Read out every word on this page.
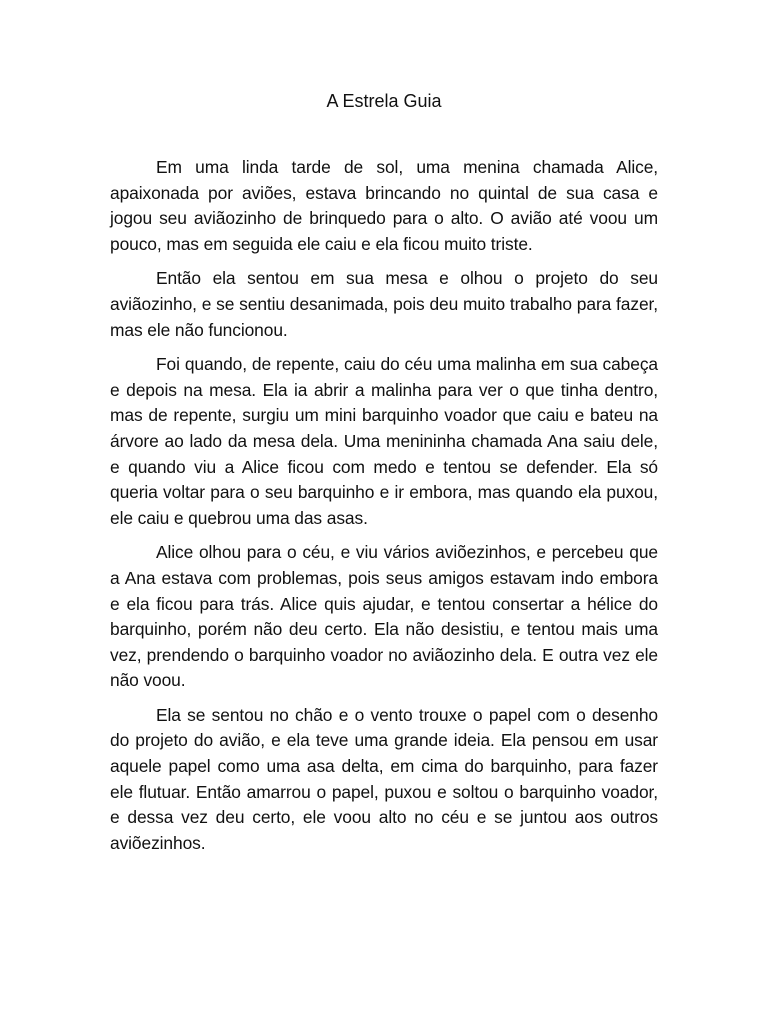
A Estrela Guia

Em uma linda tarde de sol, uma menina chamada Alice, apaixonada por aviões, estava brincando no quintal de sua casa e jogou seu aviãozinho de brinquedo para o alto. O avião até voou um pouco, mas em seguida ele caiu e ela ficou muito triste.

Então ela sentou em sua mesa e olhou o projeto do seu aviãozinho, e se sentiu desanimada, pois deu muito trabalho para fazer, mas ele não funcionou.

Foi quando, de repente, caiu do céu uma malinha em sua cabeça e depois na mesa. Ela ia abrir a malinha para ver o que tinha dentro, mas de repente, surgiu um mini barquinho voador que caiu e bateu na árvore ao lado da mesa dela. Uma menininha chamada Ana saiu dele, e quando viu a Alice ficou com medo e tentou se defender. Ela só queria voltar para o seu barquinho e ir embora, mas quando ela puxou, ele caiu e quebrou uma das asas.

Alice olhou para o céu, e viu vários aviõezinhos, e percebeu que a Ana estava com problemas, pois seus amigos estavam indo embora e ela ficou para trás. Alice quis ajudar, e tentou consertar a hélice do barquinho, porém não deu certo. Ela não desistiu, e tentou mais uma vez, prendendo o barquinho voador no aviãozinho dela. E outra vez ele não voou.

Ela se sentou no chão e o vento trouxe o papel com o desenho do projeto do avião, e ela teve uma grande ideia. Ela pensou em usar aquele papel como uma asa delta, em cima do barquinho, para fazer ele flutuar. Então amarrou o papel, puxou e soltou o barquinho voador, e dessa vez deu certo, ele voou alto no céu e se juntou aos outros aviõezinhos.
